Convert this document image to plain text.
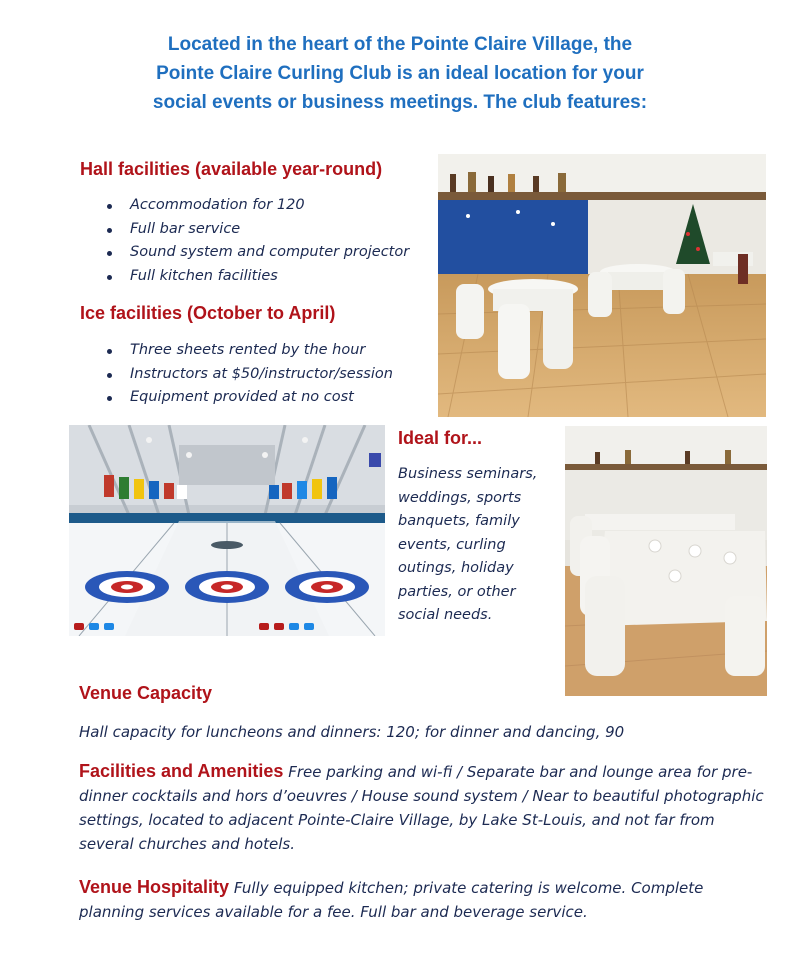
Located in the heart of the Pointe Claire Village, the
Pointe Claire Curling Club is an ideal location for your
social events or business meetings. The club features:
Hall facilities (available year-round)
Accommodation for 120
Full bar service
Sound system and computer projector
Full kitchen facilities
Ice facilities (October to April)
Three sheets rented by the hour
Instructors at $50/instructor/session
Equipment provided at no cost
Ideal for...
Business seminars, weddings, sports banquets, family events, curling outings, holiday parties, or other social needs.
Venue Capacity
Hall capacity for luncheons and dinners: 120; for dinner and dancing, 90
Facilities and Amenities Free parking and wi-fi / Separate bar and lounge area for pre-dinner cocktails and hors d’oeuvres / House sound system / Near to beautiful photographic settings, located to adjacent Pointe-Claire Village, by Lake St-Louis, and not far from several churches and hotels.
Venue Hospitality Fully equipped kitchen; private catering is welcome. Complete planning services available for a fee. Full bar and beverage service.
